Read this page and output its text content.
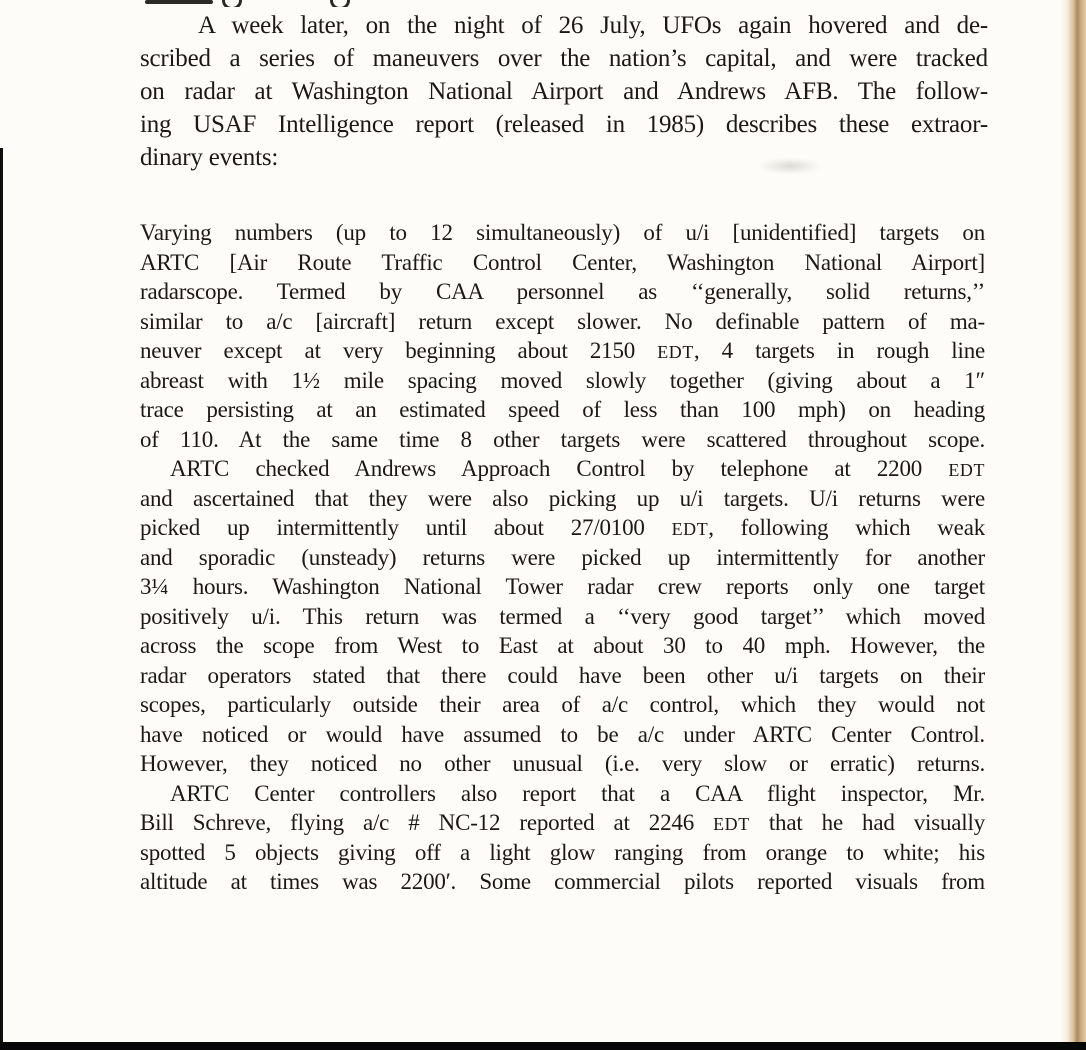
A week later, on the night of 26 July, UFOs again hovered and de-
scribed a series of maneuvers over the nation’s capital, and were tracked
on radar at Washington National Airport and Andrews AFB. The follow-
ing USAF Intelligence report (released in 1985) describes these extraor-
dinary events:
Varying numbers (up to 12 simultaneously) of u/i [unidentified] targets on
ARTC [Air Route Traffic Control Center, Washington National Airport]
radarscope. Termed by CAA personnel as ‘‘generally, solid returns,’’
similar to a/c [aircraft] return except slower. No definable pattern of ma-
neuver except at very beginning about 2150 EDT, 4 targets in rough line
abreast with 1½ mile spacing moved slowly together (giving about a 1″
trace persisting at an estimated speed of less than 100 mph) on heading
of 110. At the same time 8 other targets were scattered throughout scope.
ARTC checked Andrews Approach Control by telephone at 2200 EDT
and ascertained that they were also picking up u/i targets. U/i returns were
picked up intermittently until about 27/0100 EDT, following which weak
and sporadic (unsteady) returns were picked up intermittently for another
3¼ hours. Washington National Tower radar crew reports only one target
positively u/i. This return was termed a ‘‘very good target’’ which moved
across the scope from West to East at about 30 to 40 mph. However, the
radar operators stated that there could have been other u/i targets on their
scopes, particularly outside their area of a/c control, which they would not
have noticed or would have assumed to be a/c under ARTC Center Control.
However, they noticed no other unusual (i.e. very slow or erratic) returns.
ARTC Center controllers also report that a CAA flight inspector, Mr.
Bill Schreve, flying a/c # NC-12 reported at 2246 EDT that he had visually
spotted 5 objects giving off a light glow ranging from orange to white; his
altitude at times was 2200′. Some commercial pilots reported visuals from
